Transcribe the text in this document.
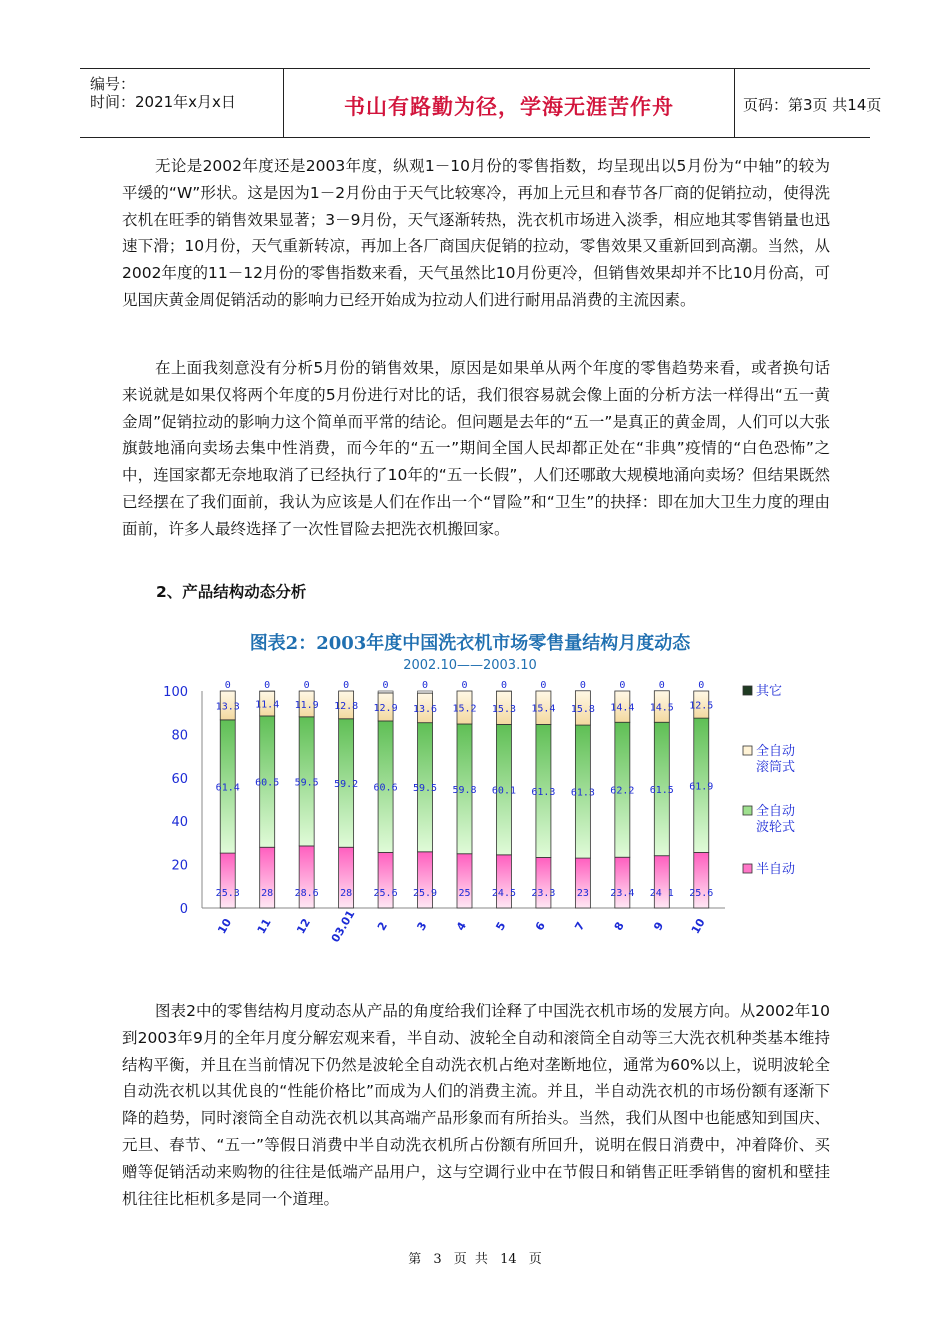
编号：
时间：2021年x月x日	书山有路勤为径，学海无涯苦作舟	页码：第3页 共14页

无论是2002年度还是2003年度，纵观1－10月份的零售指数，均呈现出以5月份为“中轴”的较为平缓的“W”形状。这是因为1－2月份由于天气比较寒冷，再加上元旦和春节各厂商的促销拉动，使得洗衣机在旺季的销售效果显著；3－9月份，天气逐渐转热，洗衣机市场进入淡季，相应地其零售销量也迅速下滑；10月份，天气重新转凉，再加上各厂商国庆促销的拉动，零售效果又重新回到高潮。当然，从2002年度的11－12月份的零售指数来看，天气虽然比10月份更冷，但销售效果却并不比10月份高，可见国庆黄金周促销活动的影响力已经开始成为拉动人们进行耐用品消费的主流因素。

在上面我刻意没有分析5月份的销售效果，原因是如果单从两个年度的零售趋势来看，或者换句话来说就是如果仅将两个年度的5月份进行对比的话，我们很容易就会像上面的分析方法一样得出“五一黄金周”促销拉动的影响力这个简单而平常的结论。但问题是去年的“五一”是真正的黄金周，人们可以大张旗鼓地涌向卖场去集中性消费，而今年的“五一”期间全国人民却都正处在“非典”疫情的“白色恐怖”之中，连国家都无奈地取消了已经执行了10年的“五一长假”，人们还哪敢大规模地涌向卖场？但结果既然已经摆在了我们面前，我认为应该是人们在作出一个“冒险”和“卫生”的抉择：即在加大卫生力度的理由面前，许多人最终选择了一次性冒险去把洗衣机搬回家。

2、产品结构动态分析
图表2：2003年度中国洗衣机市场零售量结构月度动态
2002.10——2003.10
0
20
40
60
80
100
25.3
61.4
13.3
0
10
28
60.5
11.4
0
11
28.6
59.5
11.9
0
12
28
59.2
12.8
0
03.01
25.6
60.6
12.9
0
2
25.9
59.5
13.6
0
3
25
59.8
15.2
0
4
24.5
60.1
15.3
0
5
23.3
61.3
15.4
0
6
23
61.3
15.8
0
7
23.4
62.2
14.4
0
8
24 1
61.5
14.5
0
9
25.6
61.9
12.5
0
10
其它
全自动
滚筒式
全自动
波轮式
半自动

图表2中的零售结构月度动态从产品的角度给我们诠释了中国洗衣机市场的发展方向。从2002年10到2003年9月的全年月度分解宏观来看，半自动、波轮全自动和滚筒全自动等三大洗衣机种类基本维持结构平衡，并且在当前情况下仍然是波轮全自动洗衣机占绝对垄断地位，通常为60%以上，说明波轮全自动洗衣机以其优良的“性能价格比”而成为人们的消费主流。并且，半自动洗衣机的市场份额有逐渐下降的趋势，同时滚筒全自动洗衣机以其高端产品形象而有所抬头。当然，我们从图中也能感知到国庆、元旦、春节、“五一”等假日消费中半自动洗衣机所占份额有所回升，说明在假日消费中，冲着降价、买赠等促销活动来购物的往往是低端产品用户，这与空调行业中在节假日和销售正旺季销售的窗机和壁挂机往往比柜机多是同一个道理。

第 3 页 共 14 页
